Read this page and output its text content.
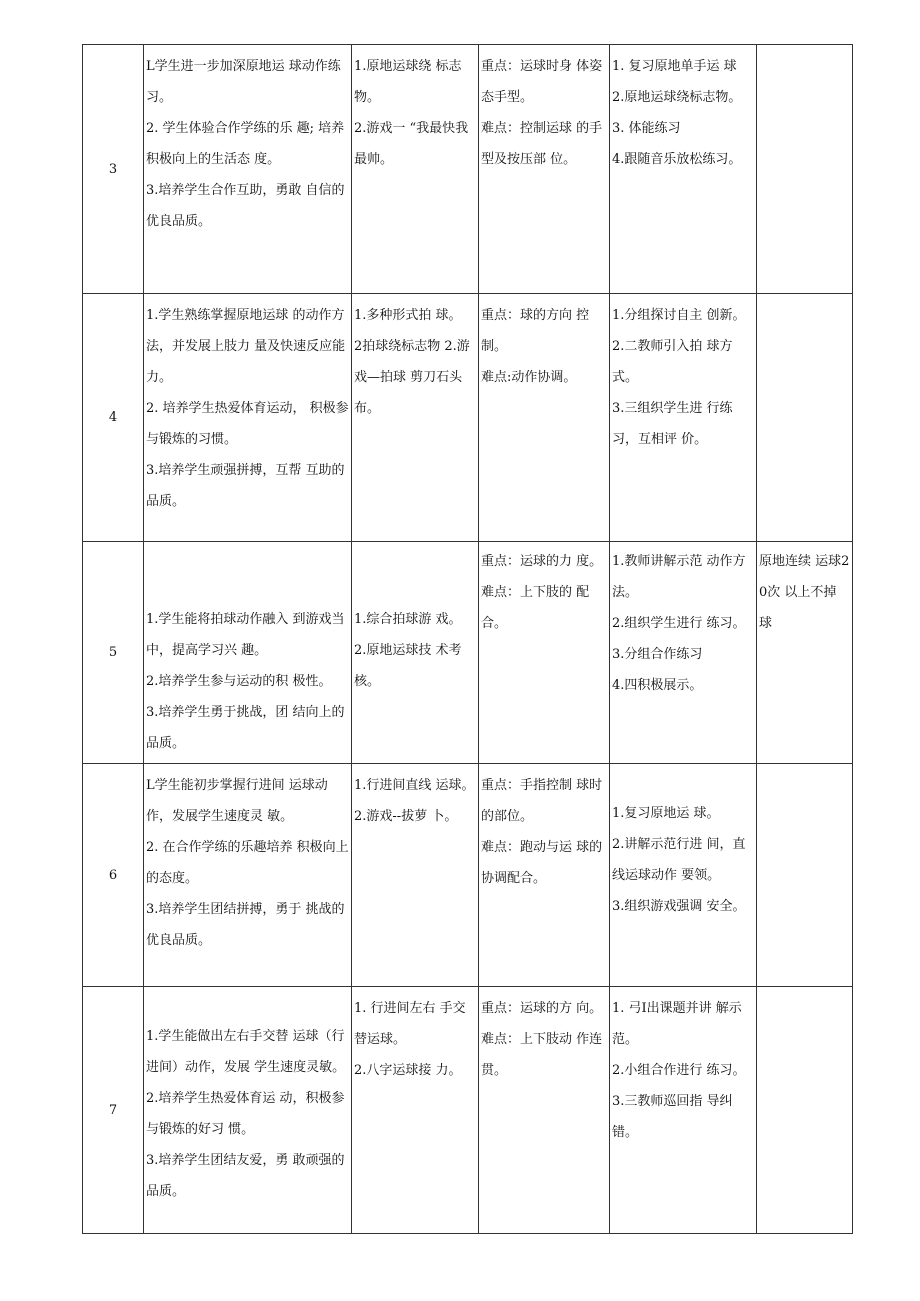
3	L学生进一步加深原地运 球动作练习。
2. 学生体验合作学练的乐 趣; 培养积极向上的生活态 度。
3.培养学生合作互助，勇敢 自信的优良品质。	1.原地运球绕 标志物。
2.游戏一 “我最快我最帅。	重点：运球时身 体姿态手型。
难点：控制运球 的手型及按压部 位。	1. 复习原地单手运 球
2.原地运球绕标志物。
3. 体能练习
4.跟随音乐放松练习。	

4	1.学生熟练掌握原地运球 的动作方法，并发展上肢力 量及快速反应能力。
2. 培养学生热爱体育运动， 积极参与锻炼的习惯。
3.培养学生顽强拼搏，互帮 互助的品质。	1.多种形式拍 球。
2拍球绕标志物 2.游戏—拍球 剪刀石头布。	重点：球的方向 控制。
难点:动作协调。	1.分组探讨自主 创新。
2.二教师引入拍 球方式。
3.三组织学生进 行练习，互相评 价。	

5	1.学生能将拍球动作融入 到游戏当中，提高学习兴 趣。
2.培养学生参与运动的积 极性。
3.培养学生勇于挑战，团 结向上的品质。	1.综合拍球游 戏。
2.原地运球技 术考核。	重点：运球的力 度。
难点：上下肢的 配合。	1.教师讲解示范 动作方法。
2.组织学生进行 练习。
3.分组合作练习
4.四积极展示。	原地连续 运球20次 以上不掉 球

6	L学生能初步掌握行进间 运球动作，发展学生速度灵 敏。
2. 在合作学练的乐趣培养 积极向上的态度。
3.培养学生团结拼搏，勇于 挑战的优良品质。	1.行进间直线 运球。
2.游戏--拔萝 卜。	重点：手指控制 球时的部位。
难点：跑动与运 球的协调配合。	1.复习原地运 球。
2.讲解示范行进 间，直线运球动作 要领。
3.组织游戏强调 安全。	

7	1.学生能做出左右手交替 运球（行进间）动作，发展 学生速度灵敏。
2.培养学生热爱体育运 动，积极参与锻炼的好习 惯。
3.培养学生团结友爱，勇 敢顽强的品质。	1. 行进间左右 手交替运球。
2.八字运球接 力。	重点：运球的方 向。
难点：上下肢动 作连贯。	1. 弓I出课题并讲 解示范。
2.小组合作进行 练习。
3.三教师巡回指 导纠错。	
